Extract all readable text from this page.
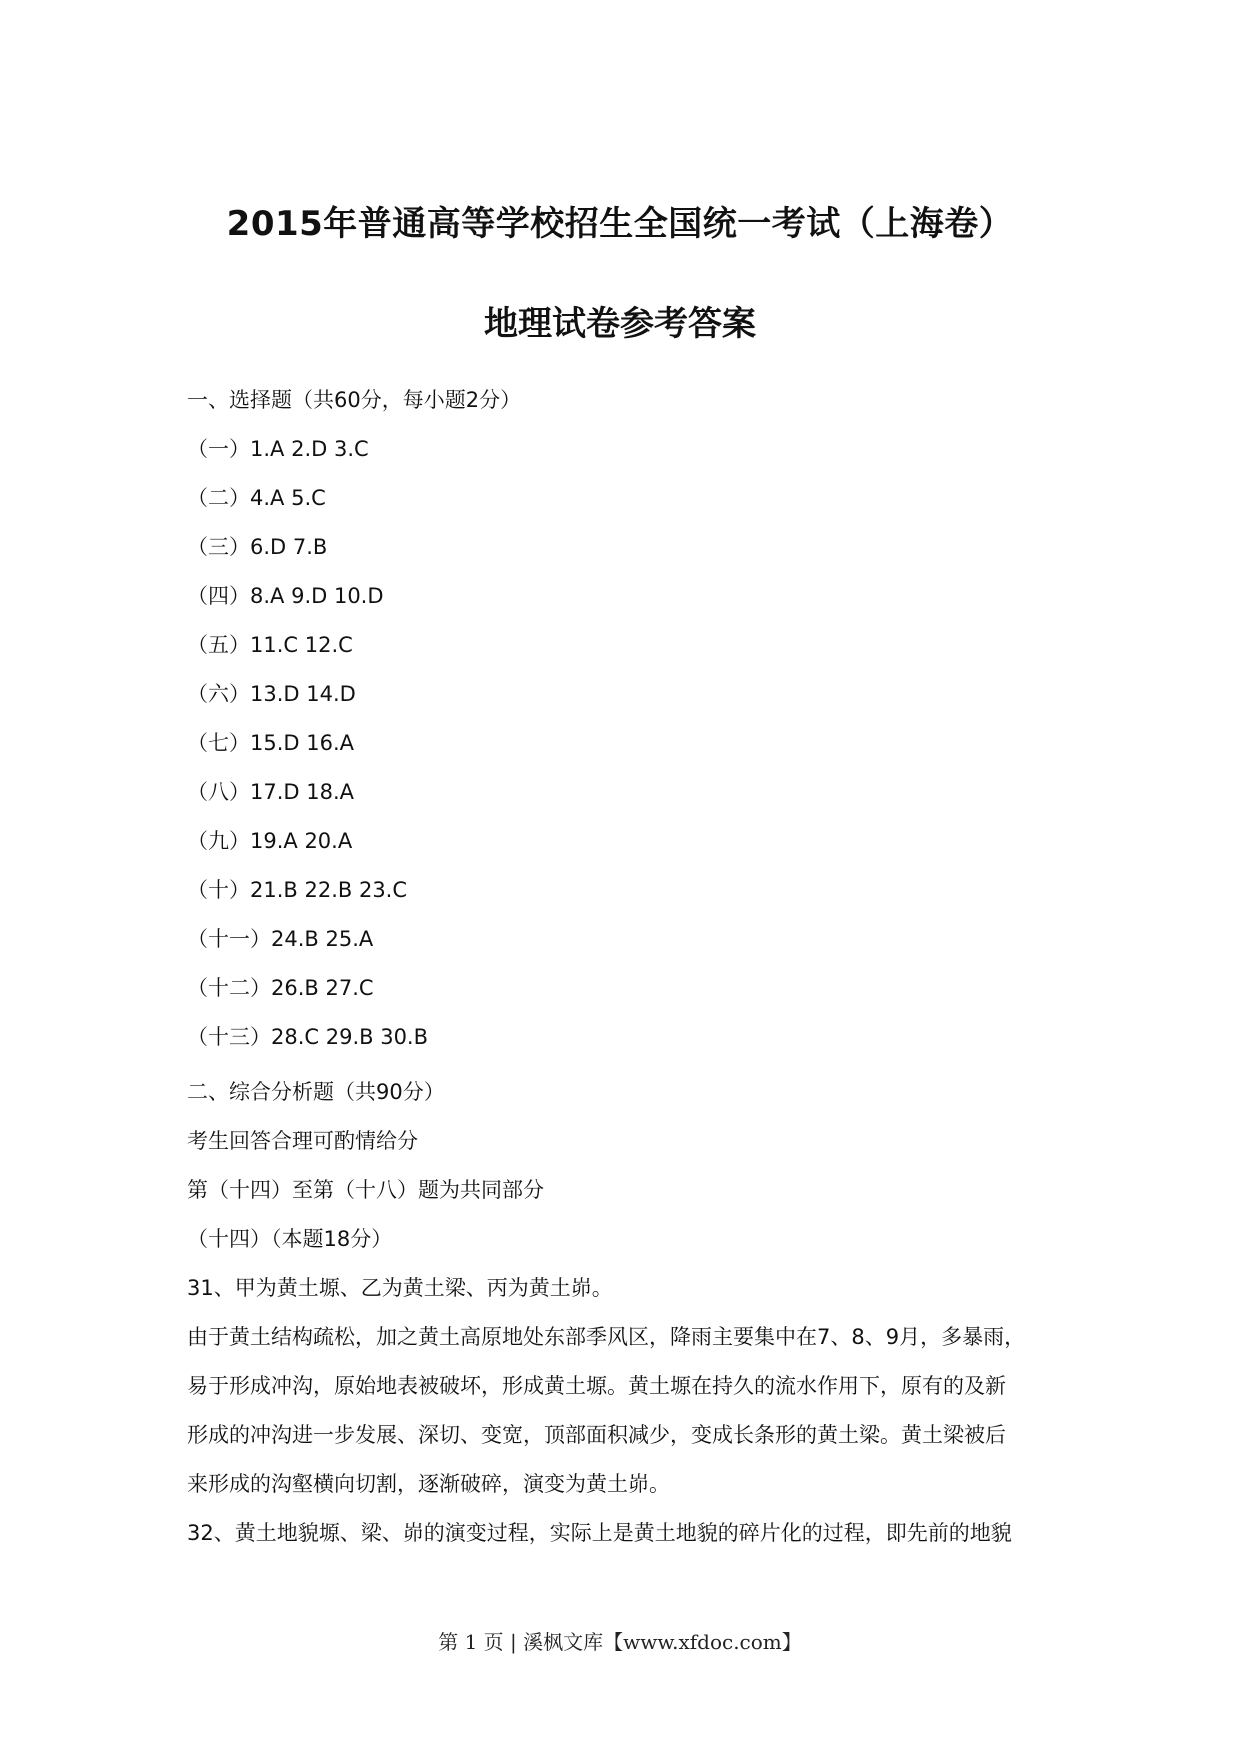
2015年普通高等学校招生全国统一考试（上海卷）
地理试卷参考答案
一、选择题（共60分，每小题2分）
（一）1.A 2.D 3.C
（二）4.A 5.C
（三）6.D 7.B
（四）8.A 9.D 10.D
（五）11.C 12.C
（六）13.D 14.D
（七）15.D 16.A
（八）17.D 18.A
（九）19.A 20.A
（十）21.B 22.B 23.C
（十一）24.B 25.A
（十二）26.B 27.C
（十三）28.C 29.B 30.B
二、综合分析题（共90分）
考生回答合理可酌情给分
第（十四）至第（十八）题为共同部分
（十四）（本题18分）
31、甲为黄土塬、乙为黄土梁、丙为黄土峁。
由于黄土结构疏松，加之黄土高原地处东部季风区，降雨主要集中在7、8、9月，多暴雨，
易于形成冲沟，原始地表被破坏，形成黄土塬。黄土塬在持久的流水作用下，原有的及新
形成的冲沟进一步发展、深切、变宽，顶部面积减少，变成长条形的黄土梁。黄土梁被后
来形成的沟壑横向切割，逐渐破碎，演变为黄土峁。
32、黄土地貌塬、梁、峁的演变过程，实际上是黄土地貌的碎片化的过程，即先前的地貌
第 1 页 | 溪枫文库【www.xfdoc.com】
